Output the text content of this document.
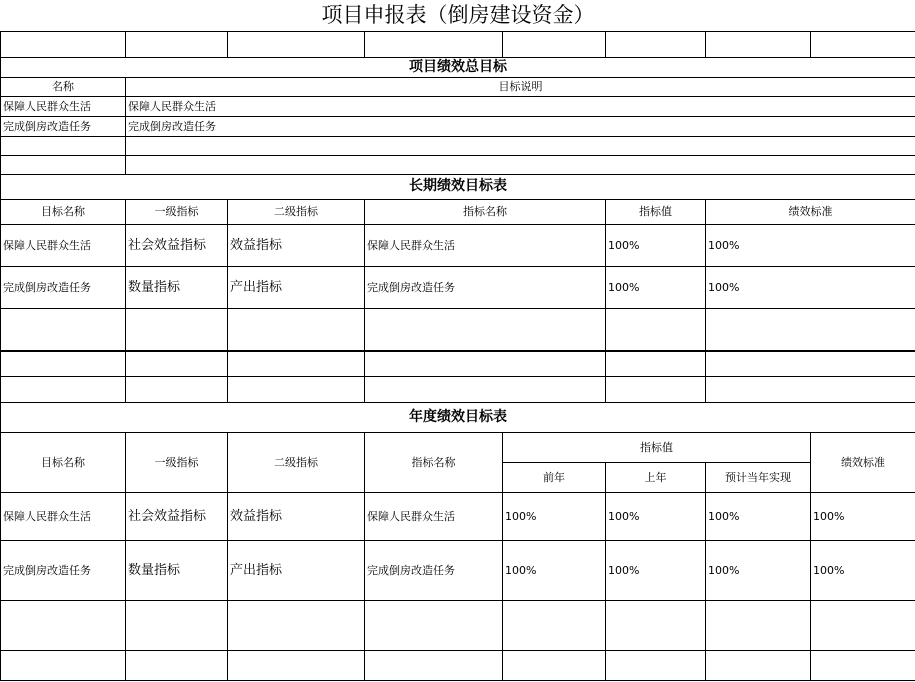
项目申报表（倒房建设资金）							

项目绩效总目标							
名称	目标说明						
保障人民群众生活	保障人民群众生活						
完成倒房改造任务	完成倒房改造任务						

长期绩效目标表							
目标名称	一级指标	二级指标	指标名称		指标值	绩效标准	
保障人民群众生活	社会效益指标	效益指标	保障人民群众生活		100%	100%	
完成倒房改造任务	数量指标	产出指标	完成倒房改造任务		100%	100%	

年度绩效目标表							
目标名称	一级指标	二级指标	指标名称	指标值			绩效标准
				前年	上年	预计当年实现	
保障人民群众生活	社会效益指标	效益指标	保障人民群众生活	100%	100%	100%	100%
完成倒房改造任务	数量指标	产出指标	完成倒房改造任务	100%	100%	100%	100%
